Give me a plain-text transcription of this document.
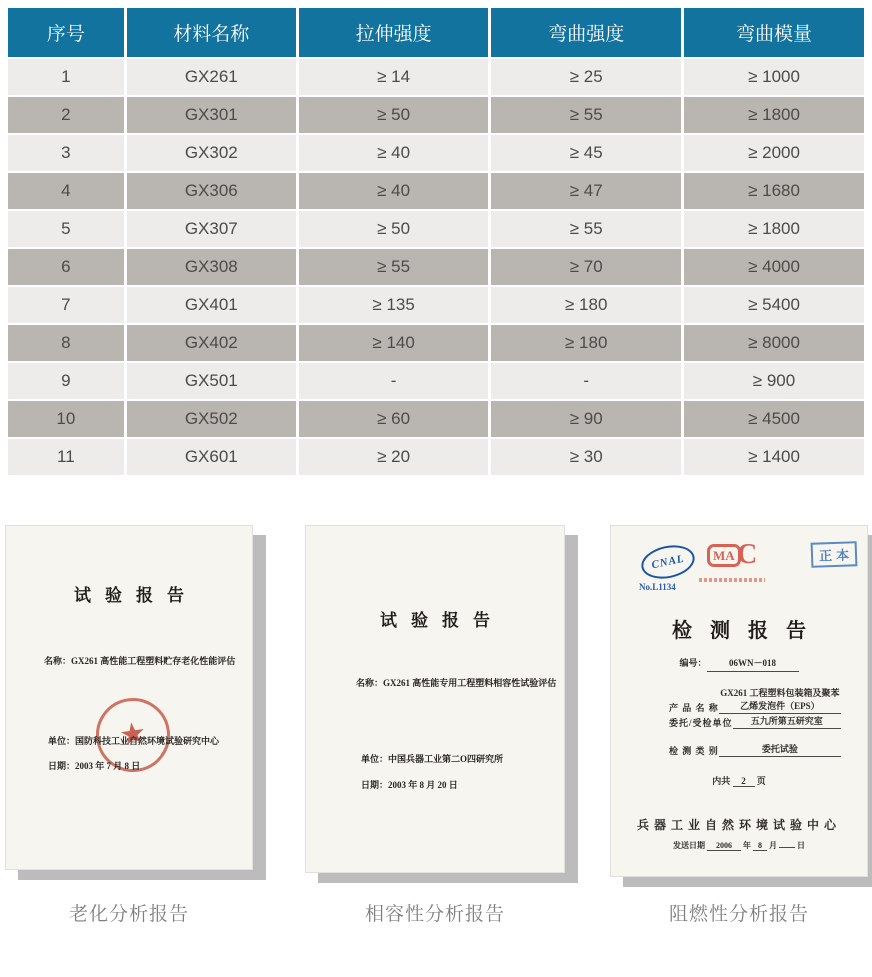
序号	材料名称	拉伸强度	弯曲强度	弯曲模量
1	GX261	≥ 14	≥ 25	≥ 1000
2	GX301	≥ 50	≥ 55	≥ 1800
3	GX302	≥ 40	≥ 45	≥ 2000
4	GX306	≥ 40	≥ 47	≥ 1680
5	GX307	≥ 50	≥ 55	≥ 1800
6	GX308	≥ 55	≥ 70	≥ 4000
7	GX401	≥ 135	≥ 180	≥ 5400
8	GX402	≥ 140	≥ 180	≥ 8000
9	GX501	-	-	≥ 900
10	GX502	≥ 60	≥ 90	≥ 4500
11	GX601	≥ 20	≥ 30	≥ 1400
试验报告
名称：GX261 高性能工程塑料贮存老化性能评估
★
单位：国防科技工业自然环境试验研究中心
日期：2003 年 7 月 8 日
试验报告
名称：GX261 高性能专用工程塑料相容性试验评估
单位：中国兵器工业第二O四研究所
日期：2003 年 8 月 20 日
CNAL
No.L1134
MA C	正本
检测报告
编号：	06WN－018
产 品 名 称
GX261 工程塑料包装箱及聚苯
乙烯发泡件（EPS）
委托/受检单位	五九所第五研究室
检 测 类 别	委托试验
内共 2 页
兵器工业自然环境试验中心
发送日期 2006 年 8 月	日
老化分析报告	相容性分析报告	阻燃性分析报告
